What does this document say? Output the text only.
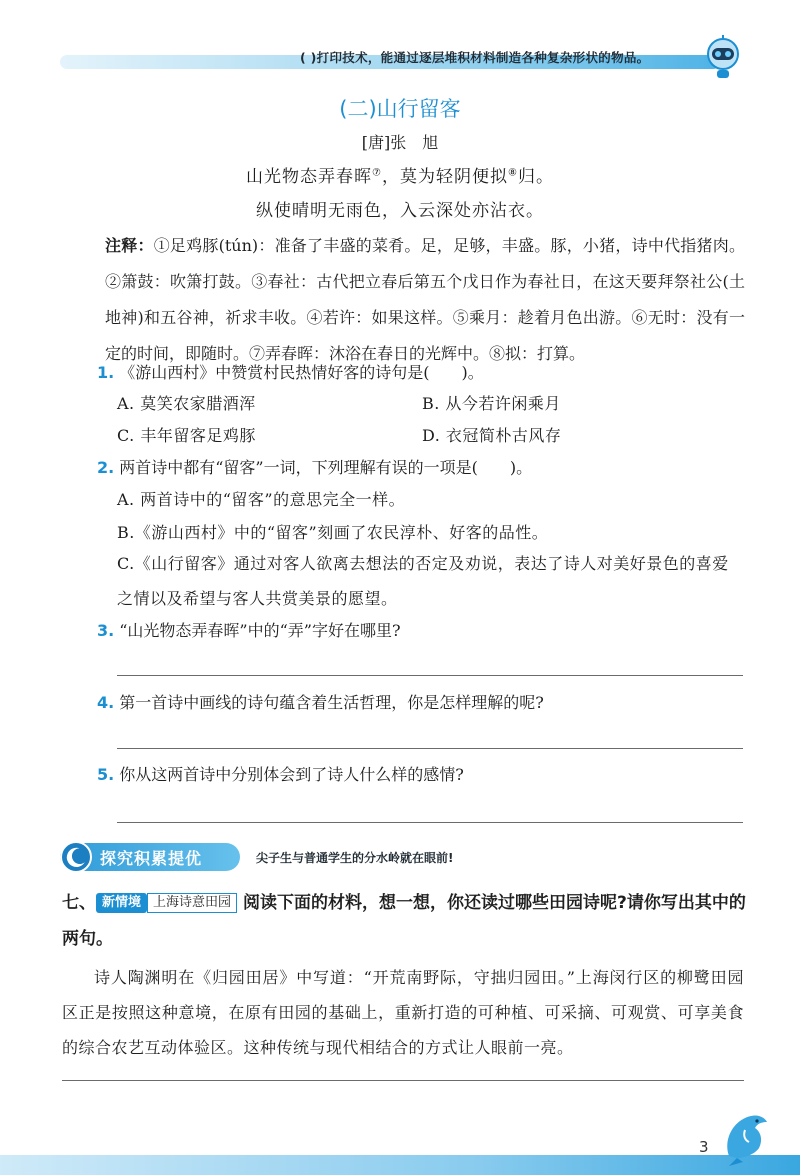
( )打印技术，能通过逐层堆积材料制造各种复杂形状的物品。
(二)山行留客
[唐]张　旭
山光物态弄春晖⑦，莫为轻阴便拟⑧归。
纵使晴明无雨色，入云深处亦沾衣。
注释：①足鸡豚(tún)：准备了丰盛的菜肴。足，足够，丰盛。豚，小猪，诗中代指猪肉。②箫鼓：吹箫打鼓。③春社：古代把立春后第五个戊日作为春社日，在这天要拜祭社公(土地神)和五谷神，祈求丰收。④若许：如果这样。⑤乘月：趁着月色出游。⑥无时：没有一定的时间，即随时。⑦弄春晖：沐浴在春日的光辉中。⑧拟：打算。
1. 《游山西村》中赞赏村民热情好客的诗句是(　　)。
A. 莫笑农家腊酒浑	B. 从今若许闲乘月
C. 丰年留客足鸡豚	D. 衣冠简朴古风存
2. 两首诗中都有“留客”一词，下列理解有误的一项是(　　)。
A. 两首诗中的“留客”的意思完全一样。
B.《游山西村》中的“留客”刻画了农民淳朴、好客的品性。
C.《山行留客》通过对客人欲离去想法的否定及劝说，表达了诗人对美好景色的喜爱之情以及希望与客人共赏美景的愿望。
3. “山光物态弄春晖”中的“弄”字好在哪里?
4. 第一首诗中画线的诗句蕴含着生活哲理，你是怎样理解的呢?
5. 你从这两首诗中分别体会到了诗人什么样的感情?
探究积累提优	尖子生与普通学生的分水岭就在眼前!
七、 新情境 上海诗意田园 阅读下面的材料，想一想，你还读过哪些田园诗呢?请你写出其中的两句。
诗人陶渊明在《归园田居》中写道：“开荒南野际，守拙归园田。”上海闵行区的柳鹭田园区正是按照这种意境，在原有田园的基础上，重新打造的可种植、可采摘、可观赏、可享美食的综合农艺互动体验区。这种传统与现代相结合的方式让人眼前一亮。
3
